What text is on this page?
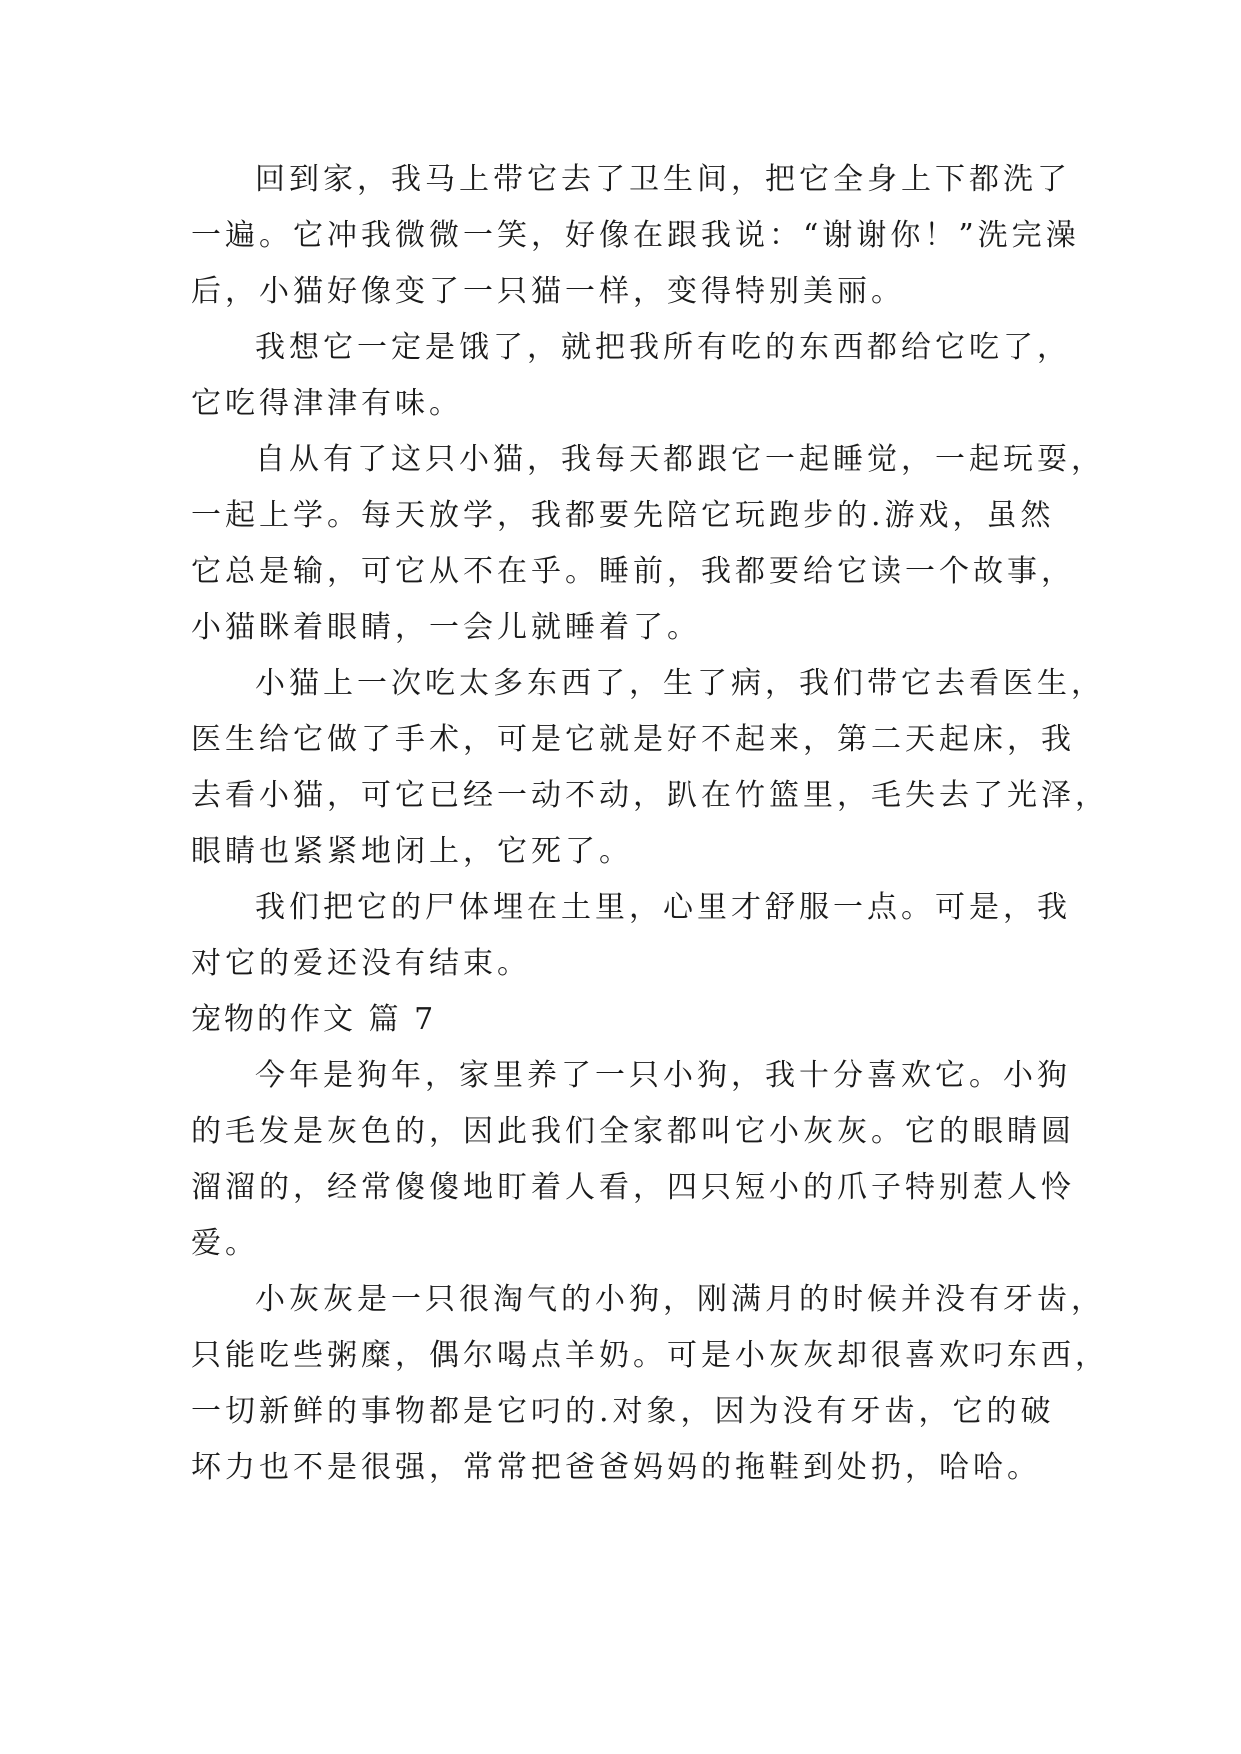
回到家，我马上带它去了卫生间，把它全身上下都洗了
一遍。它冲我微微一笑，好像在跟我说：“谢谢你！”洗完澡
后，小猫好像变了一只猫一样，变得特别美丽。
我想它一定是饿了，就把我所有吃的东西都给它吃了，
它吃得津津有味。
自从有了这只小猫，我每天都跟它一起睡觉，一起玩耍，
一起上学。每天放学，我都要先陪它玩跑步的.游戏，虽然
它总是输，可它从不在乎。睡前，我都要给它读一个故事，
小猫眯着眼睛，一会儿就睡着了。
小猫上一次吃太多东西了，生了病，我们带它去看医生，
医生给它做了手术，可是它就是好不起来，第二天起床，我
去看小猫，可它已经一动不动，趴在竹篮里，毛失去了光泽，
眼睛也紧紧地闭上，它死了。
我们把它的尸体埋在土里，心里才舒服一点。可是，我
对它的爱还没有结束。
宠物的作文 篇 7
今年是狗年，家里养了一只小狗，我十分喜欢它。小狗
的毛发是灰色的，因此我们全家都叫它小灰灰。它的眼睛圆
溜溜的，经常傻傻地盯着人看，四只短小的爪子特别惹人怜
爱。
小灰灰是一只很淘气的小狗，刚满月的时候并没有牙齿，
只能吃些粥糜，偶尔喝点羊奶。可是小灰灰却很喜欢叼东西，
一切新鲜的事物都是它叼的.对象，因为没有牙齿，它的破
坏力也不是很强，常常把爸爸妈妈的拖鞋到处扔，哈哈。
